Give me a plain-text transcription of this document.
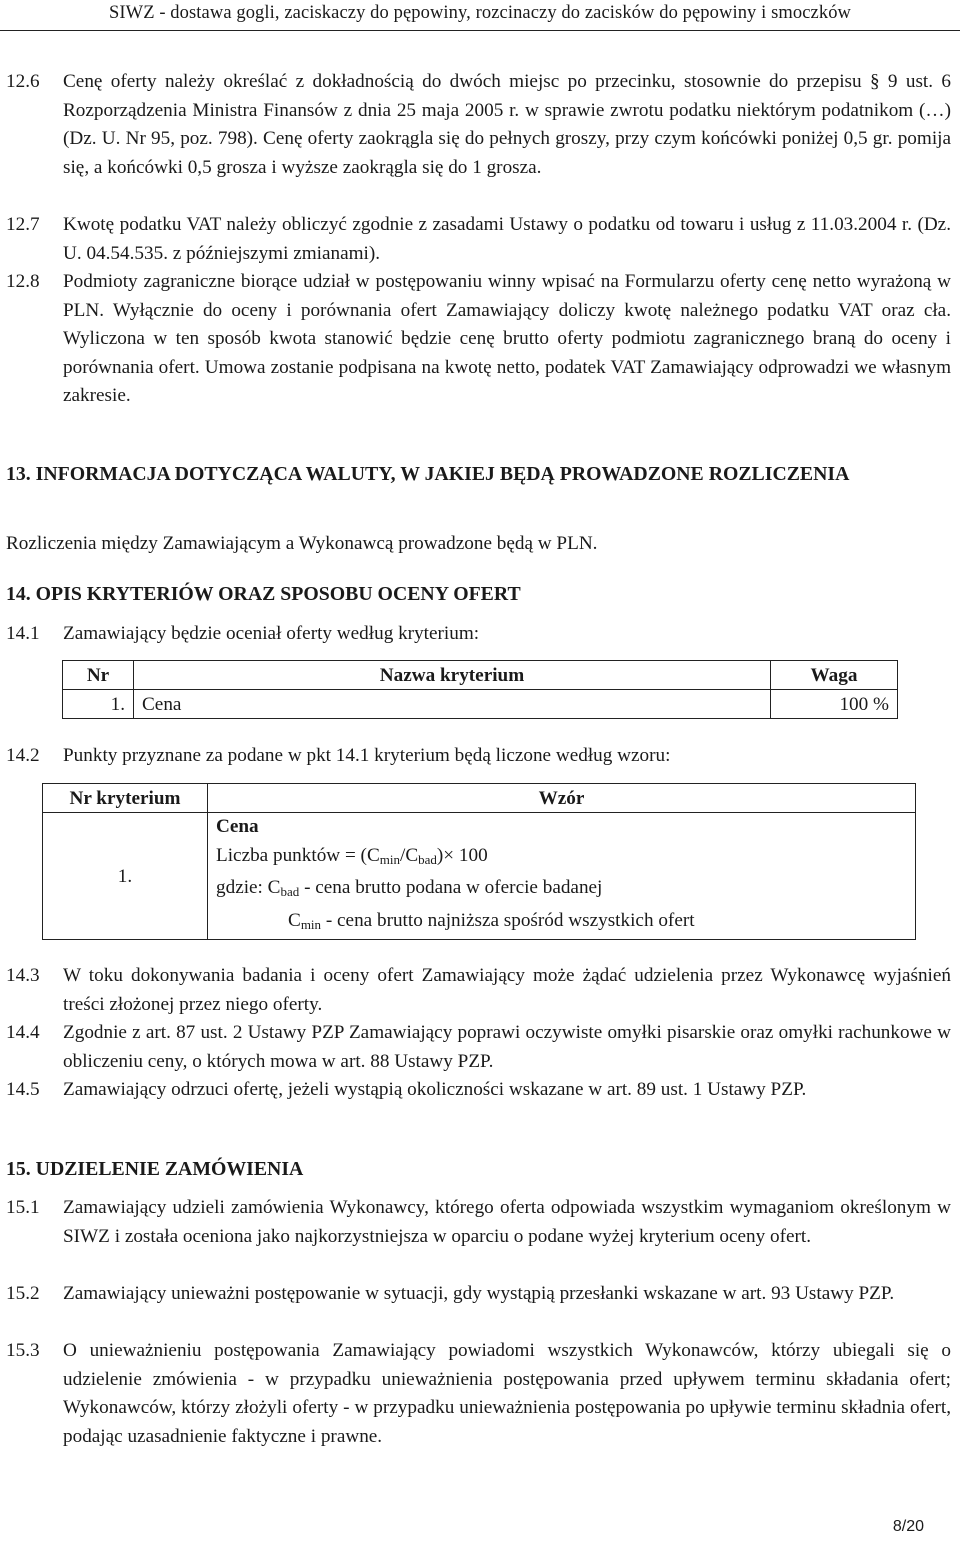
SIWZ - dostawa gogli, zaciskaczy do pępowiny, rozcinaczy do zacisków do pępowiny i smoczków
12.6	Cenę oferty należy określać z dokładnością do dwóch miejsc po przecinku, stosownie do przepisu § 9 ust. 6 Rozporządzenia Ministra Finansów z dnia 25 maja 2005 r. w sprawie zwrotu podatku niektórym podatnikom (…) (Dz. U. Nr 95, poz. 798). Cenę oferty zaokrągla się do pełnych groszy, przy czym końcówki poniżej 0,5 gr. pomija się, a końcówki 0,5 grosza i wyższe zaokrągla się do 1 grosza.
12.7	Kwotę podatku VAT należy obliczyć zgodnie z zasadami Ustawy o podatku od towaru i usług z 11.03.2004 r. (Dz. U. 04.54.535. z późniejszymi zmianami).
12.8	Podmioty zagraniczne biorące udział w postępowaniu winny wpisać na Formularzu oferty cenę netto wyrażoną w PLN. Wyłącznie do oceny i porównania ofert Zamawiający doliczy kwotę należnego podatku VAT oraz cła. Wyliczona w ten sposób kwota stanowić będzie cenę brutto oferty podmiotu zagranicznego braną do oceny i porównania ofert. Umowa zostanie podpisana na kwotę netto, podatek VAT Zamawiający odprowadzi we własnym zakresie.
13. INFORMACJA DOTYCZĄCA WALUTY, W JAKIEJ BĘDĄ PROWADZONE ROZLICZENIA
Rozliczenia między Zamawiającym a Wykonawcą prowadzone będą w PLN.
14. OPIS KRYTERIÓW ORAZ SPOSOBU OCENY OFERT
14.1	Zamawiający będzie oceniał oferty według kryterium:
Nr	Nazwa kryterium	Waga
1.	Cena	100 %
14.2	Punkty przyznane za podane w pkt 14.1 kryterium będą liczone według wzoru:
Nr kryterium	Wzór
1.	Cena
Liczba punktów = $(C_{min}/C_{bad})\times 100$
gdzie: $C_{bad}$ - cena brutto podana w ofercie badanej
$C_{min}$ - cena brutto najniższa spośród wszystkich ofert
14.3	W toku dokonywania badania i oceny ofert Zamawiający może żądać udzielenia przez Wykonawcę wyjaśnień treści złożonej przez niego oferty.
14.4	Zgodnie z art. 87 ust. 2 Ustawy PZP Zamawiający poprawi oczywiste omyłki pisarskie oraz omyłki rachunkowe w obliczeniu ceny, o których mowa w art. 88 Ustawy PZP.
14.5	Zamawiający odrzuci ofertę, jeżeli wystąpią okoliczności wskazane w art. 89 ust. 1 Ustawy PZP.
15. UDZIELENIE ZAMÓWIENIA
15.1	Zamawiający udzieli zamówienia Wykonawcy, którego oferta odpowiada wszystkim wymaganiom określonym w SIWZ i została oceniona jako najkorzystniejsza w oparciu o podane wyżej kryterium oceny ofert.
15.2	Zamawiający unieważni postępowanie w sytuacji, gdy wystąpią przesłanki wskazane w art. 93 Ustawy PZP.
15.3	O unieważnieniu postępowania Zamawiający powiadomi wszystkich Wykonawców, którzy ubiegali się o udzielenie zmówienia - w przypadku unieważnienia postępowania przed upływem terminu składania ofert; Wykonawców, którzy złożyli oferty - w przypadku unieważnienia postępowania po upływie terminu składnia ofert, podając uzasadnienie faktyczne i prawne.
8/20
